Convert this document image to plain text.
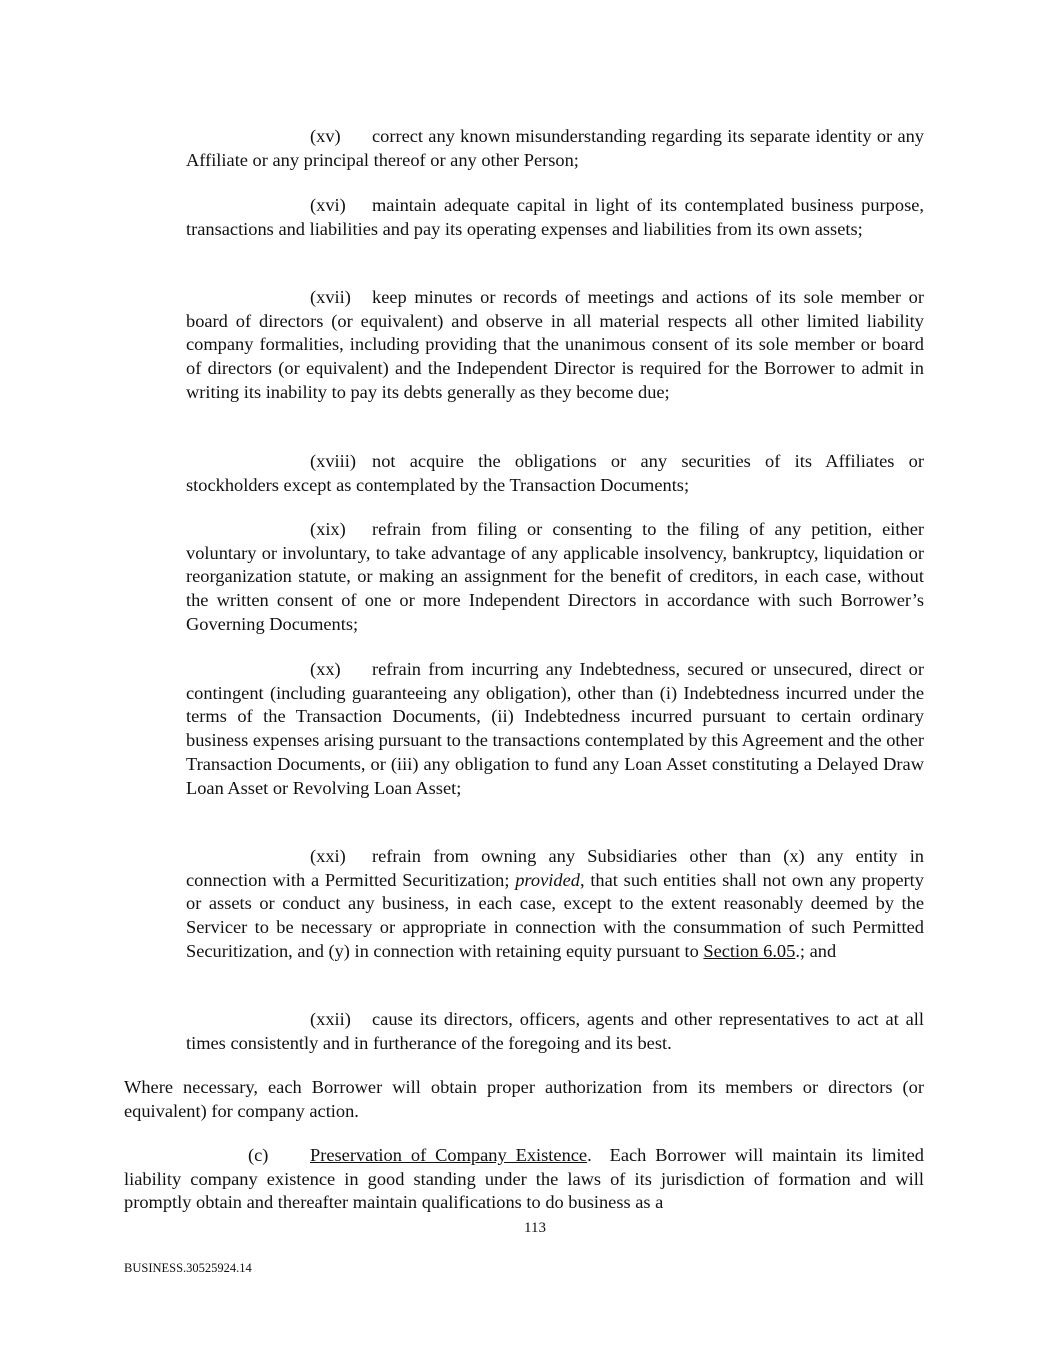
(xv) correct any known misunderstanding regarding its separate identity or any Affiliate or any principal thereof or any other Person;

(xvi) maintain adequate capital in light of its contemplated business purpose, transactions and liabilities and pay its operating expenses and liabilities from its own assets;

(xvii) keep minutes or records of meetings and actions of its sole member or board of directors (or equivalent) and observe in all material respects all other limited liability company formalities, including providing that the unanimous consent of its sole member or board of directors (or equivalent) and the Independent Director is required for the Borrower to admit in writing its inability to pay its debts generally as they become due;

(xviii) not acquire the obligations or any securities of its Affiliates or stockholders except as contemplated by the Transaction Documents;

(xix) refrain from filing or consenting to the filing of any petition, either voluntary or involuntary, to take advantage of any applicable insolvency, bankruptcy, liquidation or reorganization statute, or making an assignment for the benefit of creditors, in each case, without the written consent of one or more Independent Directors in accordance with such Borrower’s Governing Documents;

(xx) refrain from incurring any Indebtedness, secured or unsecured, direct or contingent (including guaranteeing any obligation), other than (i) Indebtedness incurred under the terms of the Transaction Documents, (ii) Indebtedness incurred pursuant to certain ordinary business expenses arising pursuant to the transactions contemplated by this Agreement and the other Transaction Documents, or (iii) any obligation to fund any Loan Asset constituting a Delayed Draw Loan Asset or Revolving Loan Asset;

(xxi) refrain from owning any Subsidiaries other than (x) any entity in connection with a Permitted Securitization; provided, that such entities shall not own any property or assets or conduct any business, in each case, except to the extent reasonably deemed by the Servicer to be necessary or appropriate in connection with the consummation of such Permitted Securitization, and (y) in connection with retaining equity pursuant to Section 6.05.; and

(xxii) cause its directors, officers, agents and other representatives to act at all times consistently and in furtherance of the foregoing and its best.

Where necessary, each Borrower will obtain proper authorization from its members or directors (or equivalent) for company action.

(c) Preservation of Company Existence.  Each Borrower will maintain its limited liability company existence in good standing under the laws of its jurisdiction of formation and will promptly obtain and thereafter maintain qualifications to do business as a

113
BUSINESS.30525924.14
